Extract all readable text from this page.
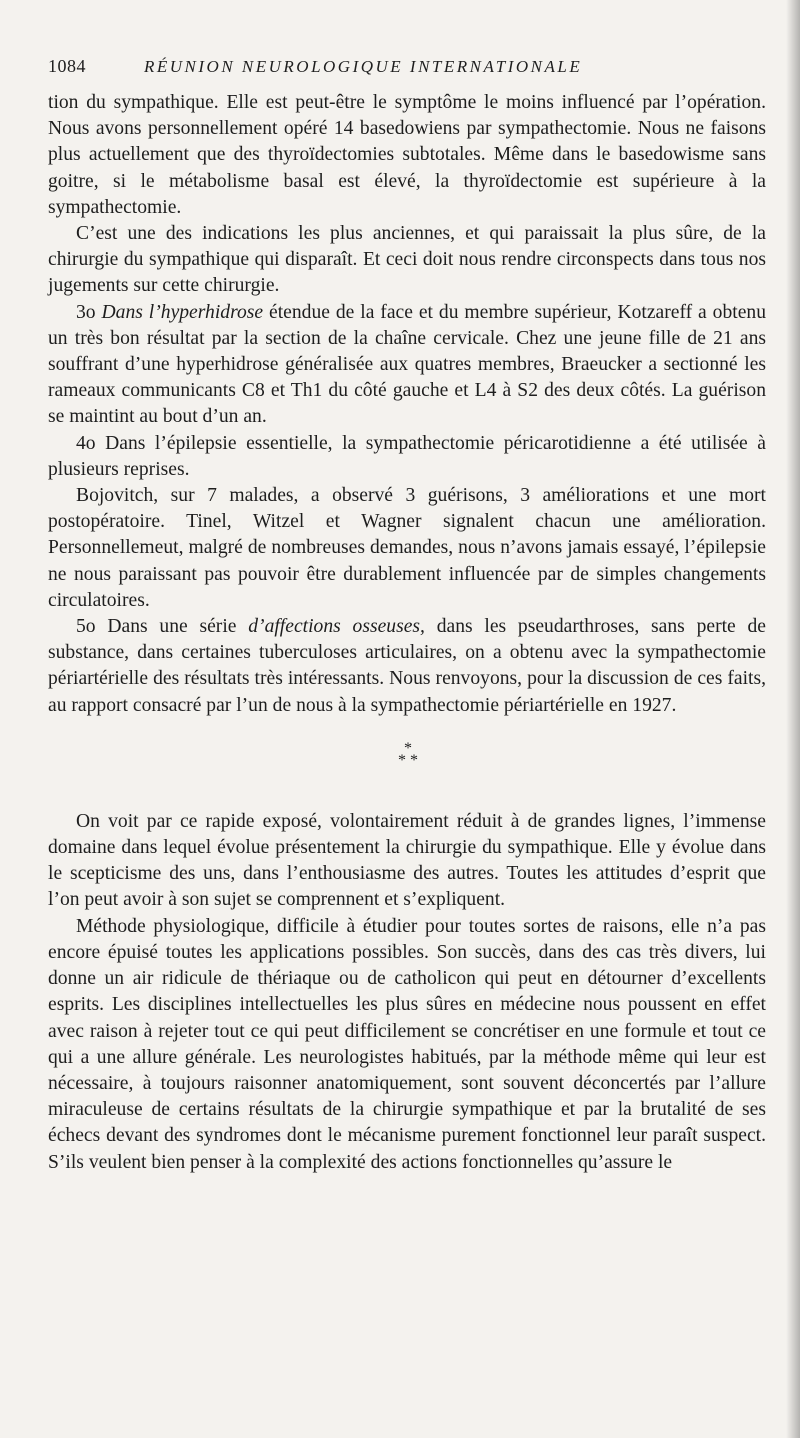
1084	RÉUNION NEUROLOGIQUE INTERNATIONALE

tion du sympathique. Elle est peut-être le symptôme le moins influencé par l’opération. Nous avons personnellement opéré 14 basedowiens par sympathectomie. Nous ne faisons plus actuellement que des thyroïdectomies subtotales. Même dans le basedowisme sans goitre, si le métabolisme basal est élevé, la thyroïdectomie est supérieure à la sympathectomie.

C’est une des indications les plus anciennes, et qui paraissait la plus sûre, de la chirurgie du sympathique qui disparaît. Et ceci doit nous rendre circonspects dans tous nos jugements sur cette chirurgie.

3o Dans l’hyperhidrose étendue de la face et du membre supérieur, Kotzareff a obtenu un très bon résultat par la section de la chaîne cervicale. Chez une jeune fille de 21 ans souffrant d’une hyperhidrose généralisée aux quatres membres, Braeucker a sectionné les rameaux communicants C8 et Th1 du côté gauche et L4 à S2 des deux côtés. La guérison se maintint au bout d’un an.

4o Dans l’épilepsie essentielle, la sympathectomie péricarotidienne a été utilisée à plusieurs reprises.

Bojovitch, sur 7 malades, a observé 3 guérisons, 3 améliorations et une mort postopératoire. Tinel, Witzel et Wagner signalent chacun une amélioration. Personnellemeut, malgré de nombreuses demandes, nous n’avons jamais essayé, l’épilepsie ne nous paraissant pas pouvoir être durablement influencée par de simples changements circulatoires.

5o Dans une série d’affections osseuses, dans les pseudarthroses, sans perte de substance, dans certaines tuberculoses articulaires, on a obtenu avec la sympathectomie périartérielle des résultats très intéressants. Nous renvoyons, pour la discussion de ces faits, au rapport consacré par l’un de nous à la sympathectomie périartérielle en 1927.

*
* *

On voit par ce rapide exposé, volontairement réduit à de grandes lignes, l’immense domaine dans lequel évolue présentement la chirurgie du sympathique. Elle y évolue dans le scepticisme des uns, dans l’enthousiasme des autres. Toutes les attitudes d’esprit que l’on peut avoir à son sujet se comprennent et s’expliquent.

Méthode physiologique, difficile à étudier pour toutes sortes de raisons, elle n’a pas encore épuisé toutes les applications possibles. Son succès, dans des cas très divers, lui donne un air ridicule de thériaque ou de catholicon qui peut en détourner d’excellents esprits. Les disciplines intellectuelles les plus sûres en médecine nous poussent en effet avec raison à rejeter tout ce qui peut difficilement se concrétiser en une formule et tout ce qui a une allure générale. Les neurologistes habitués, par la méthode même qui leur est nécessaire, à toujours raisonner anatomiquement, sont souvent déconcertés par l’allure miraculeuse de certains résultats de la chirurgie sympathique et par la brutalité de ses échecs devant des syndromes dont le mécanisme purement fonctionnel leur paraît suspect. S’ils veulent bien penser à la complexité des actions fonctionnelles qu’assure le
